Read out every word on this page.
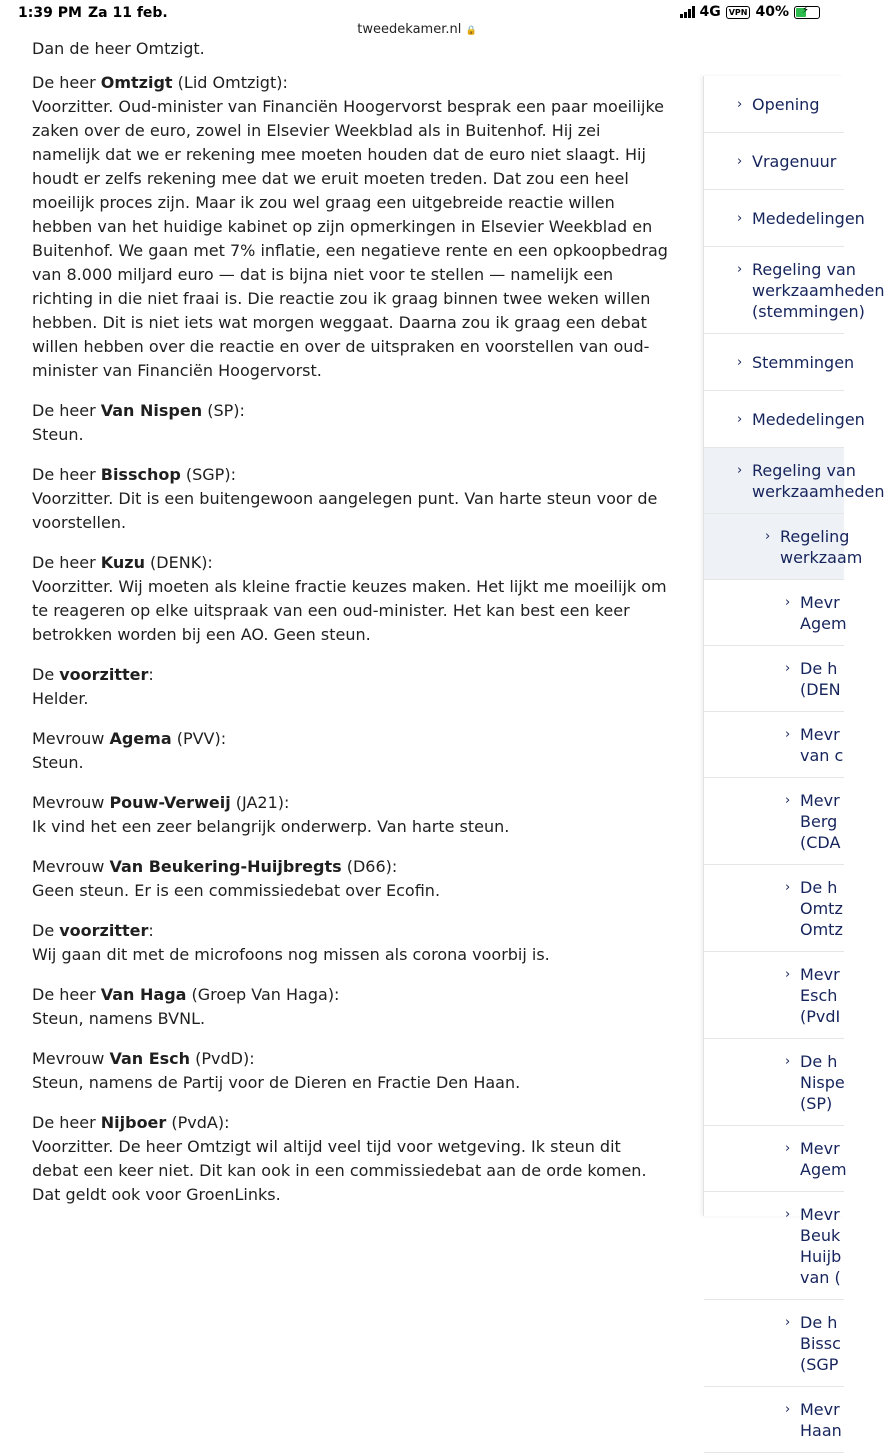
1:39 PM Za 11 feb.	4G	VPN 40% ⚡
tweedekamer.nl 🔒

Dan de heer Omtzigt.

De heer Omtzigt (Lid Omtzigt):

Voorzitter. Oud-minister van Financiën Hoogervorst besprak een paar moeilijke zaken over de euro, zowel in Elsevier Weekblad als in Buitenhof. Hij zei namelijk dat we er rekening mee moeten houden dat de euro niet slaagt. Hij houdt er zelfs rekening mee dat we eruit moeten treden. Dat zou een heel moeilijk proces zijn. Maar ik zou wel graag een uitgebreide reactie willen hebben van het huidige kabinet op zijn opmerkingen in Elsevier Weekblad en Buitenhof. We gaan met 7% inflatie, een negatieve rente en een opkoopbedrag van 8.000 miljard euro — dat is bijna niet voor te stellen — namelijk een richting in die niet fraai is. Die reactie zou ik graag binnen twee weken willen hebben. Dit is niet iets wat morgen weggaat. Daarna zou ik graag een debat willen hebben over die reactie en over de uitspraken en voorstellen van oud-minister van Financiën Hoogervorst.

De heer Van Nispen (SP):

Steun.

De heer Bisschop (SGP):

Voorzitter. Dit is een buitengewoon aangelegen punt. Van harte steun voor de voorstellen.

De heer Kuzu (DENK):

Voorzitter. Wij moeten als kleine fractie keuzes maken. Het lijkt me moeilijk om te reageren op elke uitspraak van een oud-minister. Het kan best een keer betrokken worden bij een AO. Geen steun.

De voorzitter:

Helder.

Mevrouw Agema (PVV):

Steun.

Mevrouw Pouw-Verweij (JA21):

Ik vind het een zeer belangrijk onderwerp. Van harte steun.

Mevrouw Van Beukering-Huijbregts (D66):

Geen steun. Er is een commissiedebat over Ecofin.

De voorzitter:

Wij gaan dit met de microfoons nog missen als corona voorbij is.

De heer Van Haga (Groep Van Haga):

Steun, namens BVNL.

Mevrouw Van Esch (PvdD):

Steun, namens de Partij voor de Dieren en Fractie Den Haan.

De heer Nijboer (PvdA):

Voorzitter. De heer Omtzigt wil altijd veel tijd voor wetgeving. Ik steun dit debat een keer niet. Dit kan ook in een commissiedebat aan de orde komen. Dat geldt ook voor GroenLinks.

› Opening
› Vragenuur
› Mededelingen
› Regeling van
werkzaamheden
(stemmingen)
› Stemmingen
› Mededelingen
› Regeling van
werkzaamheden
› Regeling
werkzaam
› Mevr
Agem
› De h
(DEN
› Mevr
van c
› Mevr
Berg
(CDA
› De h
Omtz
Omtz
› Mevr
Esch
(PvdI
› De h
Nispe
(SP)
› Mevr
Agem
› Mevr
Beuk
Huijb
van (
› De h
Bissc
(SGP
› Mevr
Haan
